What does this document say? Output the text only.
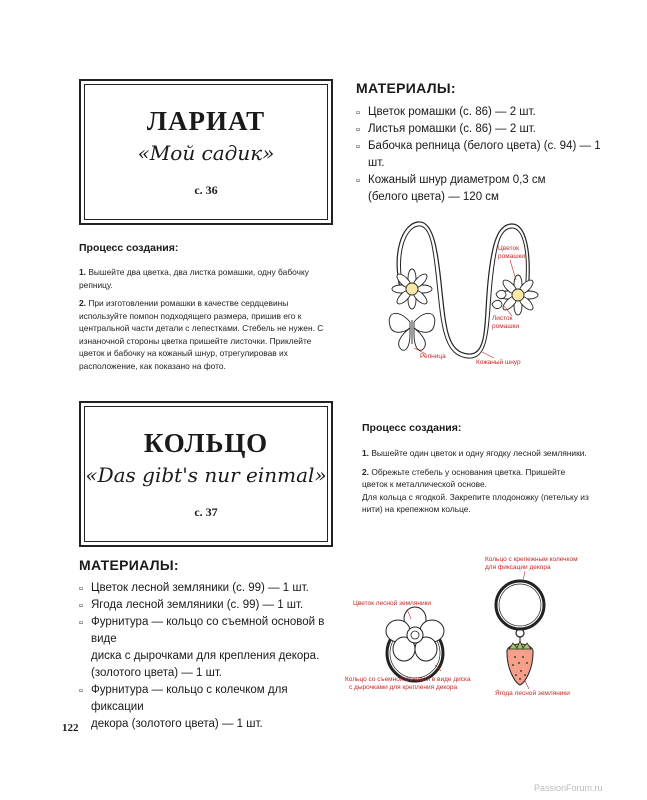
ЛАРИАТ
«Мой садик»
с. 36
МАТЕРИАЛЫ:
▫ Цветок ромашки (с. 86) — 2 шт.
▫ Листья ромашки (с. 86) — 2 шт.
▫ Бабочка репница (белого цвета) (с. 94) — 1 шт.
▫ Кожаный шнур диаметром 0,3 см
(белого цвета) — 120 см
Процесс создания:

1. Вышейте два цветка, два листка ромашки, одну бабочку репницу.

2. При изготовлении ромашки в качестве сердцевины используйте помпон подходящего размера, пришив его к центральной части детали с лепестками. Стебель не нужен. С изнаночной стороны цветка пришейте листочки. Приклейте цветок и бабочку на кожаный шнур, отрегулировав их расположение, как показано на фото.

Цветок
ромашки
Листок
ромашки
Репница
Кожаный шнур
КОЛЬЦО
«Das gibt's nur einmal»
с. 37
Процесс создания:

1. Вышейте один цветок и одну ягодку лесной земляники.

2. Обрежьте стебель у основания цветка. Пришейте цветок к металлической основе.

Для кольца с ягодкой. Закрепите плодоножку (петельку из нити) на крепежном кольце.

МАТЕРИАЛЫ:
▫ Цветок лесной земляники (с. 99) — 1 шт.
▫ Ягода лесной земляники (с. 99) — 1 шт.
▫ Фурнитура — кольцо со съемной основой в виде
диска с дырочками для крепления декора.
(золотого цвета) — 1 шт.
▫ Фурнитура — кольцо с колечком для фиксации
декора (золотого цвета) — 1 шт.
Цветок лесной земляники
Кольцо со съемной основой в виде диска
с дырочками для крепления декора
Кольцо с крепежным колечком
для фиксации декора
Ягода лесной земляники
122
PassionForum.ru
